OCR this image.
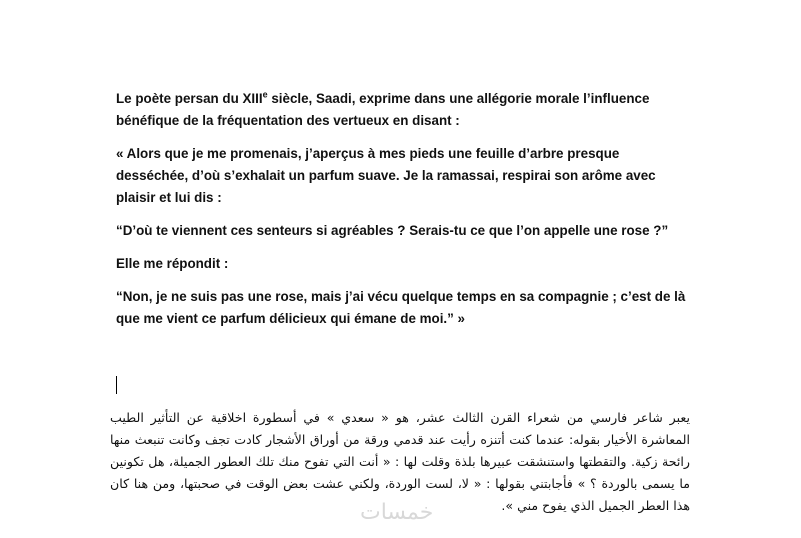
Le poète persan du XIIIe siècle, Saadi, exprime dans une allégorie morale l’influence bénéfique de la fréquentation des vertueux en disant :

« Alors que je me promenais, j’aperçus à mes pieds une feuille d’arbre presque desséchée, d’où s’exhalait un parfum suave. Je la ramassai, respirai son arôme avec plaisir et lui dis :

“D’où te viennent ces senteurs si agréables ? Serais-tu ce que l’on appelle une rose ?”

Elle me répondit :

“Non, je ne suis pas une rose, mais j’ai vécu quelque temps en sa compagnie ; c’est de là que me vient ce parfum délicieux qui émane de moi.” »

يعبر شاعر فارسي من شعراء القرن الثالث عشر، هو « سعدي » في أسطورة اخلاقية عن التأثير الطيب المعاشرة الأخيار بقوله: عندما كنت أتنزه رأيت عند قدمي ورقة من أوراق الأشجار كادت تجف وكانت تنبعث منها رائحة زكية. والتقطتها واستنشقت عبيرها بلذة وقلت لها : « أنت التي تفوح منك تلك العطور الجميلة، هل تكونين ما يسمى بالوردة ؟ » فأجابتني بقولها : « لا، لست الوردة، ولكني عشت بعض الوقت في صحبتها، ومن هنا كان هذا العطر الجميل الذي يفوح مني ».

خمسات
